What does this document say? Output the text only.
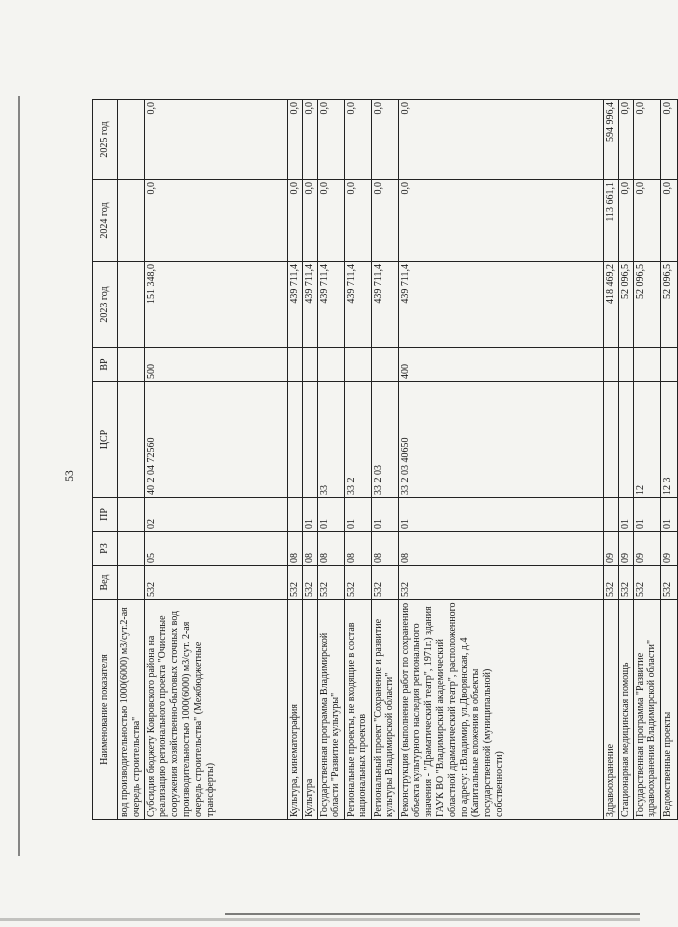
53
Наименование показателя	Вед	РЗ	ПР	ЦСР	ВР	2023 год	2024 год	2025 год
вод производительностью 1000(6000) м3/сут.2-ая очередь строительства"								
Субсидия бюджету Ковровского района на реализацию регионального проекта "Очистные сооружения хозяйственно-бытовых сточных вод производительностью 1000(6000) м3/сут. 2-ая очередь строительства" (Межбюджетные трансферты)	532	05	02	40 2 04 72560	500	151 348,0	0,0	0,0
Культура, кинематография	532	08				439 711,4	0,0	0,0
Культура	532	08	01			439 711,4	0,0	0,0
Государственная программа Владимирской области "Развитие культуры"	532	08	01	33		439 711,4	0,0	0,0
Региональные проекты, не входящие в состав национальных проектов	532	08	01	33 2		439 711,4	0,0	0,0
Региональный проект "Сохранение и развитие культуры Владимирской области"	532	08	01	33 2 03		439 711,4	0,0	0,0
Реконструкция (выполнение работ по сохранению объекта культурного наследия регионального значения - "Драматический театр", 1971г.) здания ГАУК ВО "Владимирский академический областной драматический театр", расположенного по адресу: г.Владимир, ул.Дворянская, д.4 (Капитальные вложения в объекты государственной (муниципальной) собственности)	532	08	01	33 2 03 40650	400	439 711,4	0,0	0,0
Здравоохранение	532	09				418 469,2	113 661,1	594 996,4
Стационарная медицинская помощь	532	09	01			52 096,5	0,0	0,0
Государственная программа "Развитие здравоохранения Владимирской области"	532	09	01	12		52 096,5	0,0	0,0
Ведомственные проекты	532	09	01	12 3		52 096,5	0,0	0,0
